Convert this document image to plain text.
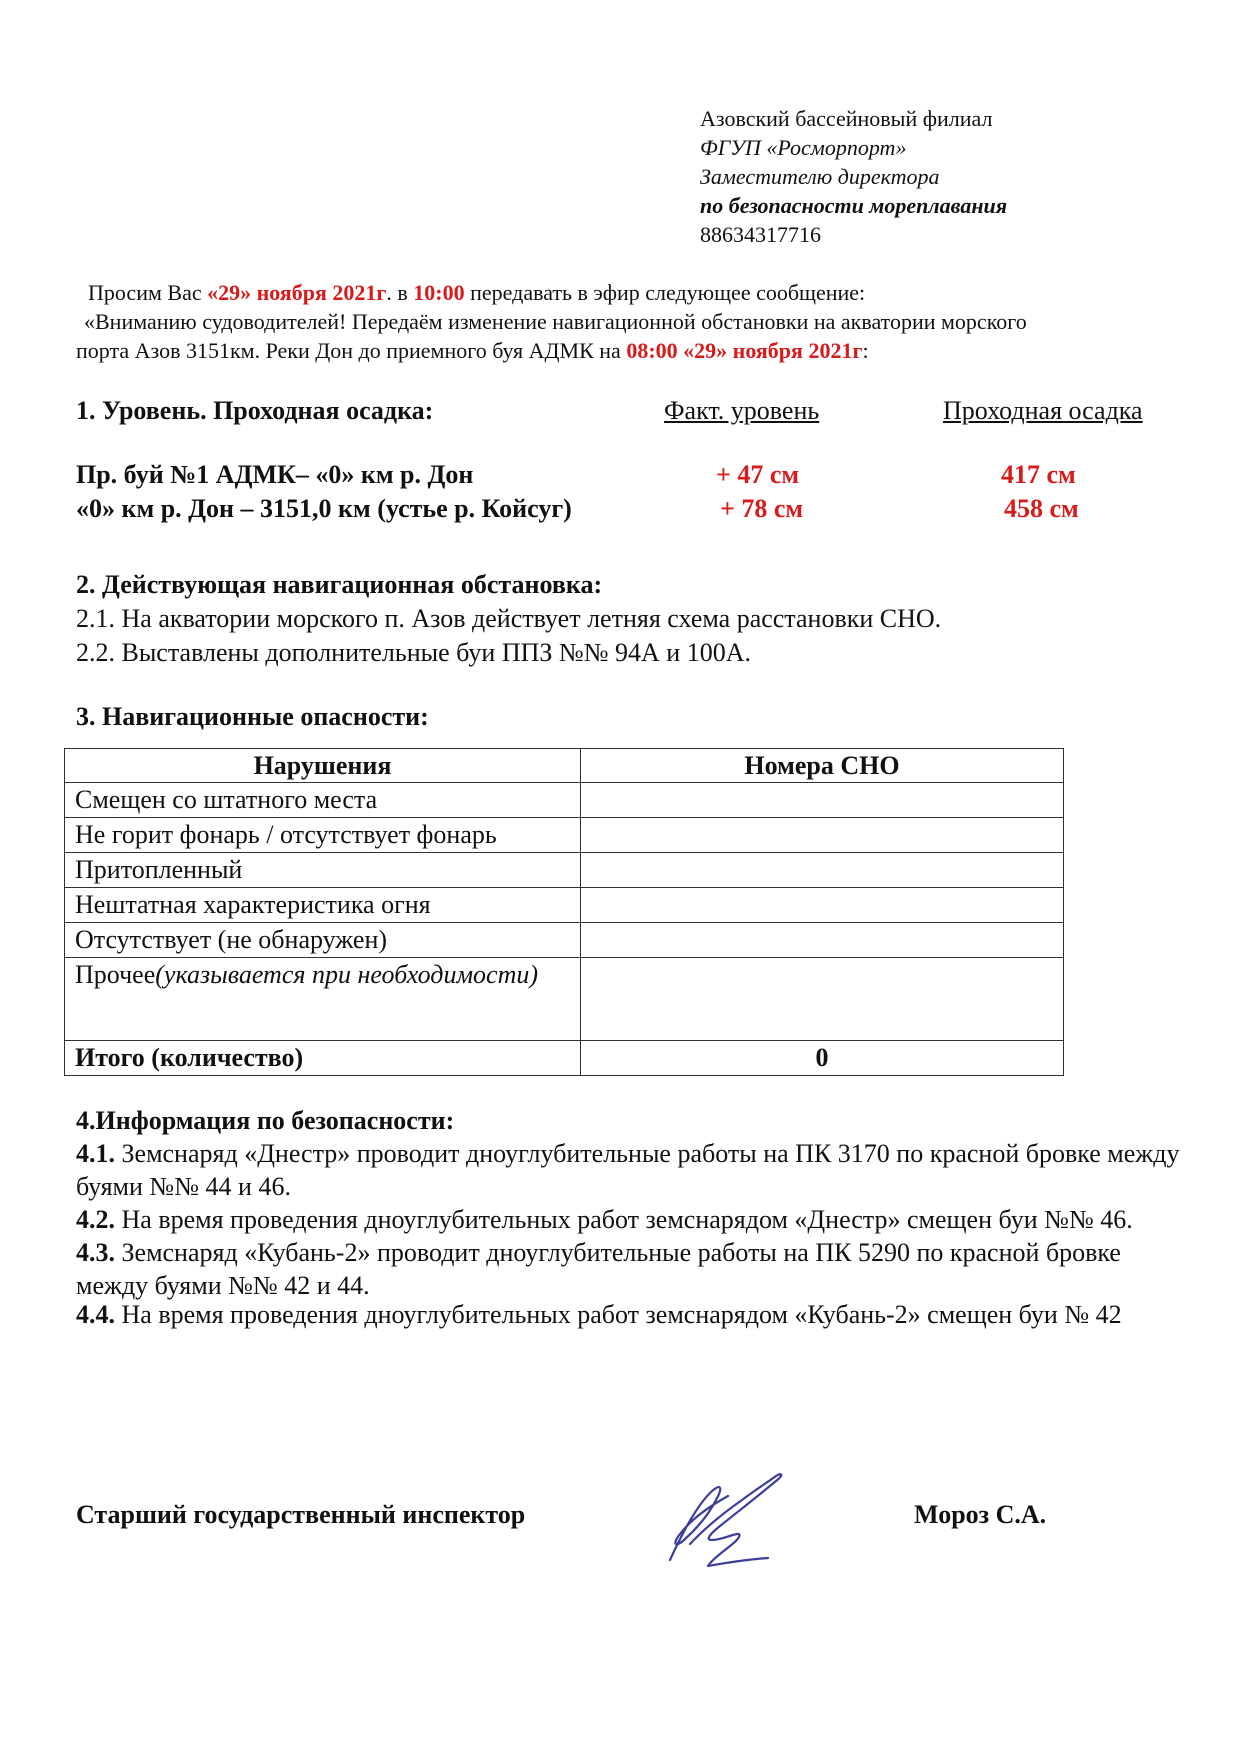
Азовский бассейновый филиал
ФГУП «Росморпорт»
Заместителю директора
по безопасности мореплавания
88634317716
Просим Вас «29» ноября 2021г. в 10:00 передавать в эфир следующее сообщение:
«Вниманию судоводителей! Передаём изменение навигационной обстановки на акватории морского
порта Азов 3151км. Реки Дон до приемного буя АДМК на 08:00 «29» ноября 2021г:
1. Уровень. Проходная осадка:	Факт. уровень	Проходная осадка
Пр. буй №1 АДМК– «0» км р. Дон	+ 47 см	417 см
«0» км р. Дон – 3151,0 км (устье р. Койсуг)	+ 78 см	458 см
2. Действующая навигационная обстановка:
2.1. На акватории морского п. Азов действует летняя схема расстановки СНО.
2.2. Выставлены дополнительные буи ППЗ №№ 94А и 100А.
3. Навигационные опасности:
Нарушения	Номера СНО
Смещен со штатного места	
Не горит фонарь / отсутствует фонарь	
Притопленный	
Нештатная характеристика огня	
Отсутствует (не обнаружен)	
Прочее(указывается при необходимости)	
Итого (количество)	0
4.Информация по безопасности:

4.1. Земснаряд «Днестр» проводит дноуглубительные работы на ПК 3170 по красной бровке между буями №№ 44 и 46.

4.2. На время проведения дноуглубительных работ земснарядом «Днестр» смещен буи №№ 46.

4.3. Земснаряд «Кубань-2» проводит дноуглубительные работы на ПК 5290 по красной бровке между буями №№ 42 и 44.

4.4. На время проведения дноуглубительных работ земснарядом «Кубань-2» смещен буи № 42

Старший государственный инспектор	Мороз С.А.
